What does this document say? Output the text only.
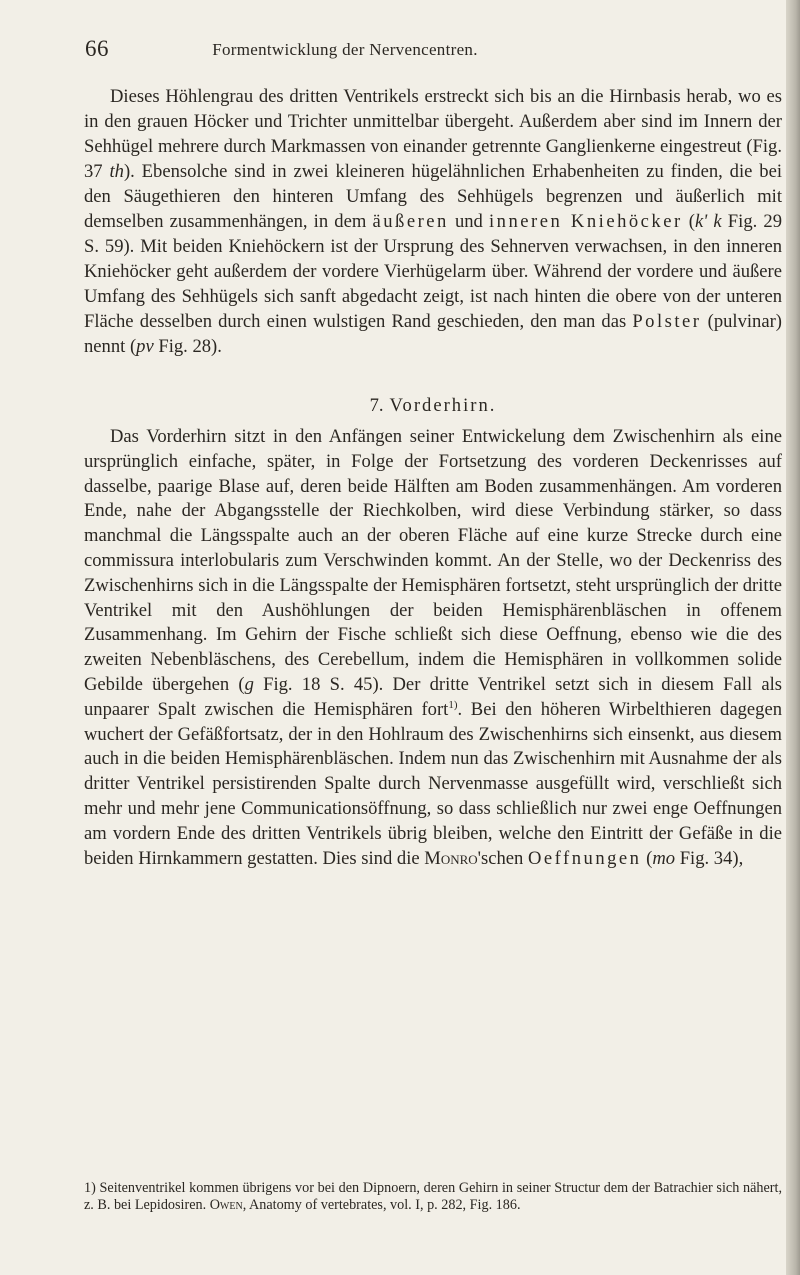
66	Formentwicklung der Nervencentren.

Dieses Höhlengrau des dritten Ventrikels erstreckt sich bis an die Hirnbasis herab, wo es in den grauen Höcker und Trichter unmittelbar übergeht. Außerdem aber sind im Innern der Sehhügel mehrere durch Markmassen von einander getrennte Ganglienkerne eingestreut (Fig. 37 th). Ebensolche sind in zwei kleineren hügelähnlichen Erhabenheiten zu finden, die bei den Säugethieren den hinteren Umfang des Sehhügels begrenzen und äußerlich mit demselben zusammenhängen, in dem äußeren und inneren Kniehöcker (k' k Fig. 29 S. 59). Mit beiden Kniehöckern ist der Ursprung des Sehnerven verwachsen, in den inneren Kniehöcker geht außerdem der vordere Vierhügelarm über. Während der vordere und äußere Umfang des Sehhügels sich sanft abgedacht zeigt, ist nach hinten die obere von der unteren Fläche desselben durch einen wulstigen Rand geschieden, den man das Polster (pulvinar) nennt (pv Fig. 28).

7. Vorderhirn.

Das Vorderhirn sitzt in den Anfängen seiner Entwickelung dem Zwischenhirn als eine ursprünglich einfache, später, in Folge der Fortsetzung des vorderen Deckenrisses auf dasselbe, paarige Blase auf, deren beide Hälften am Boden zusammenhängen. Am vorderen Ende, nahe der Abgangsstelle der Riechkolben, wird diese Verbindung stärker, so dass manchmal die Längsspalte auch an der oberen Fläche auf eine kurze Strecke durch eine commissura interlobularis zum Verschwinden kommt. An der Stelle, wo der Deckenriss des Zwischenhirns sich in die Längsspalte der Hemisphären fortsetzt, steht ursprünglich der dritte Ventrikel mit den Aushöhlungen der beiden Hemisphärenbläschen in offenem Zusammenhang. Im Gehirn der Fische schließt sich diese Oeffnung, ebenso wie die des zweiten Nebenbläschens, des Cerebellum, indem die Hemisphären in vollkommen solide Gebilde übergehen (g Fig. 18 S. 45). Der dritte Ventrikel setzt sich in diesem Fall als unpaarer Spalt zwischen die Hemisphären fort$^{1)}$. Bei den höheren Wirbelthieren dagegen wuchert der Gefäßfortsatz, der in den Hohlraum des Zwischenhirns sich einsenkt, aus diesem auch in die beiden Hemisphärenbläschen. Indem nun das Zwischenhirn mit Ausnahme der als dritter Ventrikel persistirenden Spalte durch Nervenmasse ausgefüllt wird, verschließt sich mehr und mehr jene Communicationsöffnung, so dass schließlich nur zwei enge Oeffnungen am vordern Ende des dritten Ventrikels übrig bleiben, welche den Eintritt der Gefäße in die beiden Hirnkammern gestatten. Dies sind die Monro'schen Oeffnungen (mo Fig. 34),

1) Seitenventrikel kommen übrigens vor bei den Dipnoern, deren Gehirn in seiner Structur dem der Batrachier sich nähert, z. B. bei Lepidosiren. Owen, Anatomy of vertebrates, vol. I, p. 282, Fig. 186.
